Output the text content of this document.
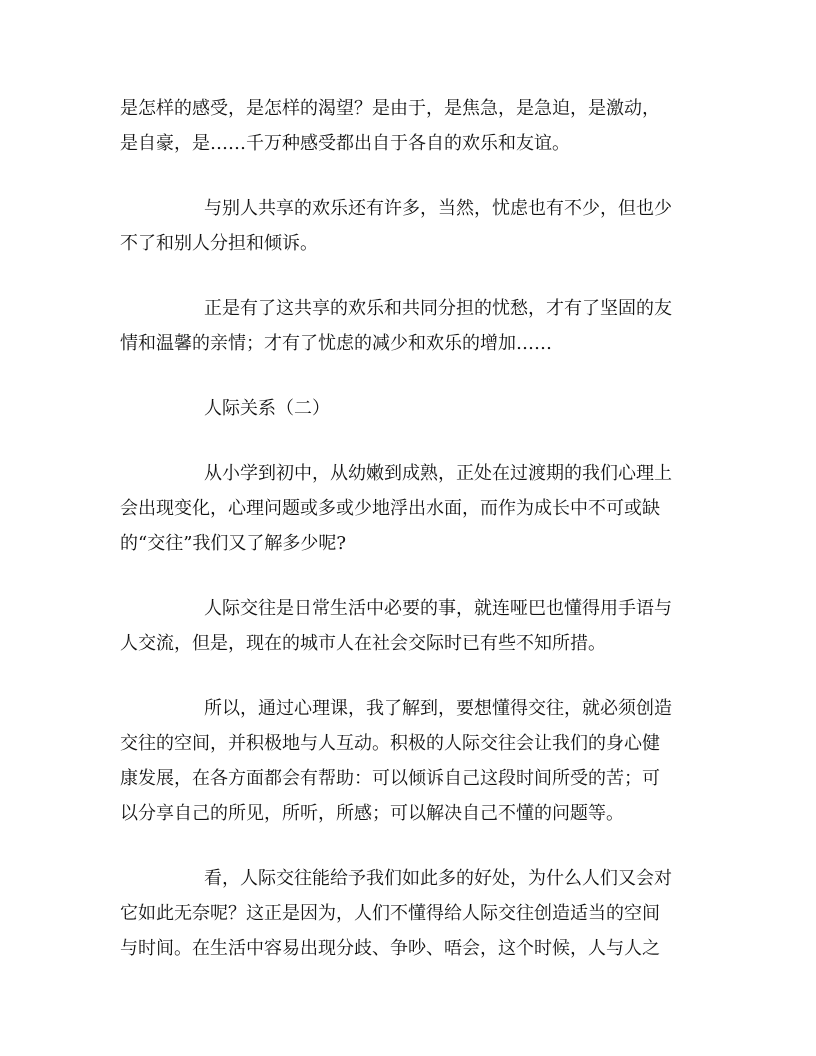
是怎样的感受，是怎样的渴望？是由于，是焦急，是急迫，是激动，
是自豪，是……千万种感受都出自于各自的欢乐和友谊。
与别人共享的欢乐还有许多，当然，忧虑也有不少，但也少
不了和别人分担和倾诉。
正是有了这共享的欢乐和共同分担的忧愁，才有了坚固的友
情和温馨的亲情；才有了忧虑的减少和欢乐的增加……
人际关系（二）
从小学到初中，从幼嫩到成熟，正处在过渡期的我们心理上
会出现变化，心理问题或多或少地浮出水面，而作为成长中不可或缺
的“交往”我们又了解多少呢?
人际交往是日常生活中必要的事，就连哑巴也懂得用手语与
人交流，但是，现在的城市人在社会交际时已有些不知所措。
所以，通过心理课，我了解到，要想懂得交往，就必须创造
交往的空间，并积极地与人互动。积极的人际交往会让我们的身心健
康发展，在各方面都会有帮助：可以倾诉自己这段时间所受的苦；可
以分享自己的所见，所听，所感；可以解决自己不懂的问题等。
看，人际交往能给予我们如此多的好处，为什么人们又会对
它如此无奈呢？这正是因为，人们不懂得给人际交往创造适当的空间
与时间。在生活中容易出现分歧、争吵、唔会，这个时候，人与人之
